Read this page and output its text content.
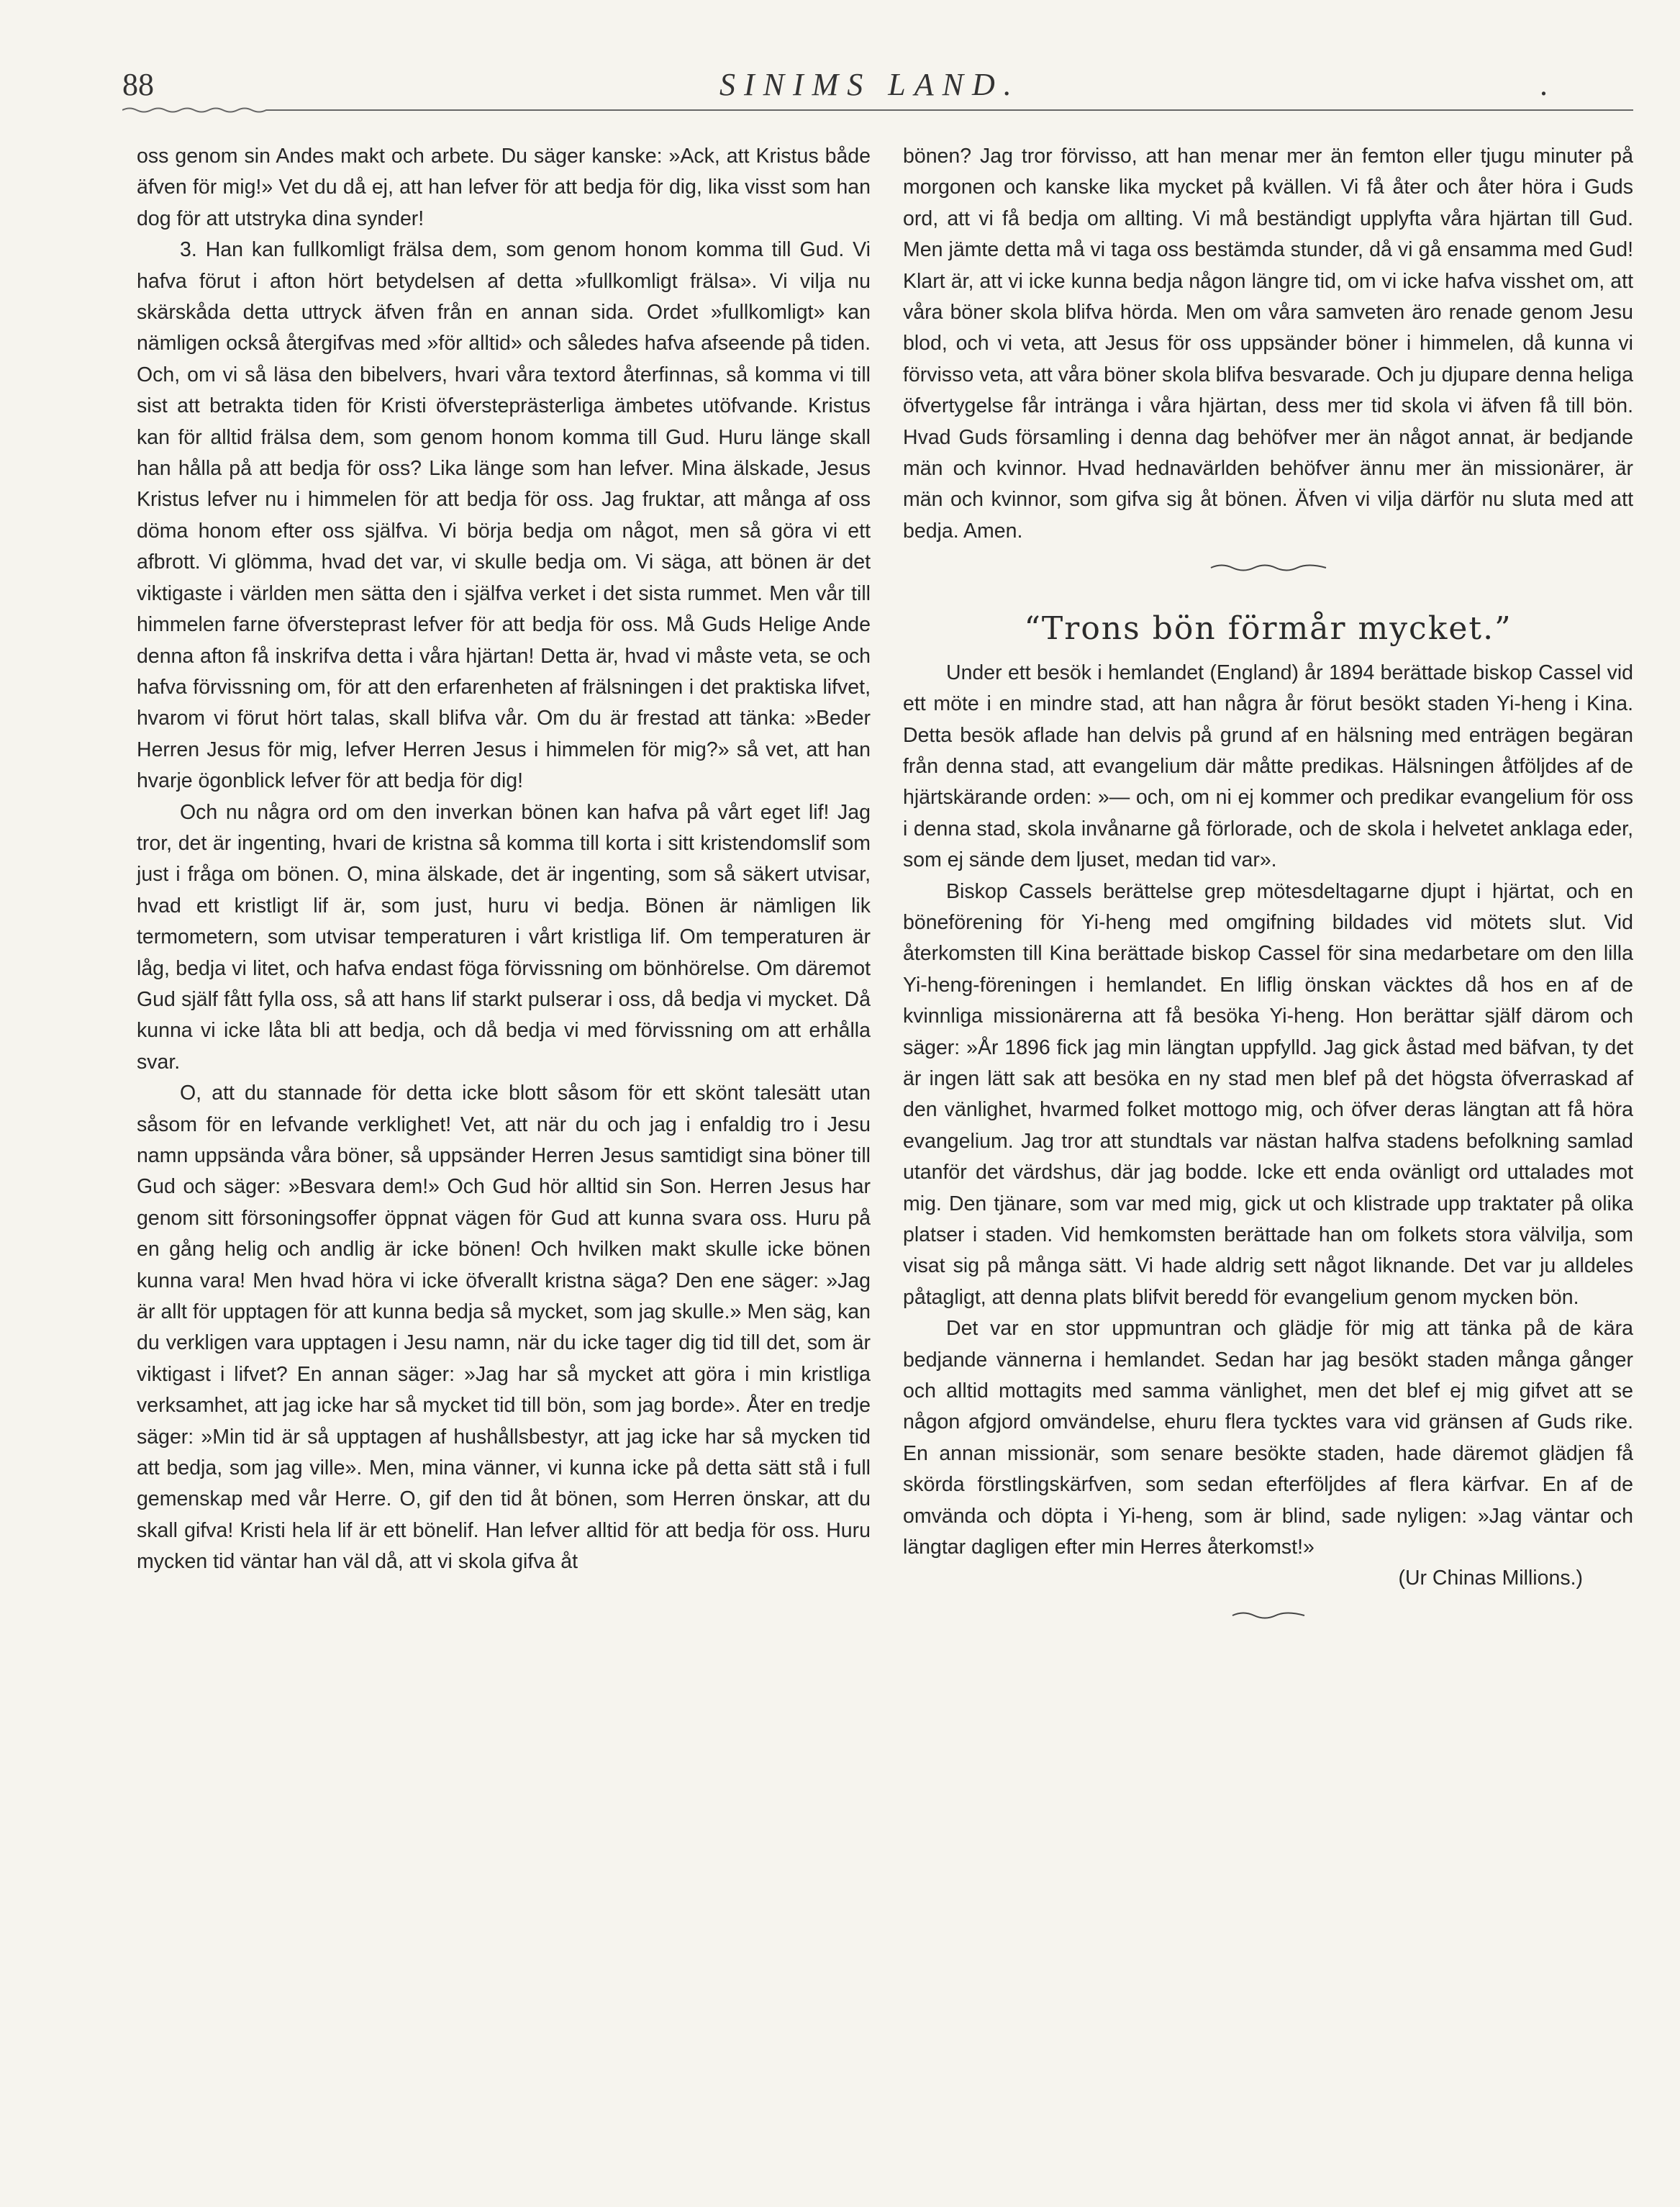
88	SINIMS LAND.	.

oss genom sin Andes makt och arbete. Du säger kanske: »Ack, att Kristus både äfven för mig!» Vet du då ej, att han lefver för att bedja för dig, lika visst som han dog för att utstryka dina synder!

3. Han kan fullkomligt frälsa dem, som genom honom komma till Gud. Vi hafva förut i afton hört betydelsen af detta »fullkomligt frälsa». Vi vilja nu skärskåda detta uttryck äfven från en annan sida. Ordet »fullkomligt» kan nämligen också återgifvas med »för alltid» och således hafva afseende på tiden. Och, om vi så läsa den bibelvers, hvari våra textord återfinnas, så komma vi till sist att betrakta tiden för Kristi öfversteprästerliga ämbetes utöfvande. Kristus kan för alltid frälsa dem, som genom honom komma till Gud. Huru länge skall han hålla på att bedja för oss? Lika länge som han lefver. Mina älskade, Jesus Kristus lefver nu i himmelen för att bedja för oss. Jag fruktar, att många af oss döma honom efter oss själfva. Vi börja bedja om något, men så göra vi ett afbrott. Vi glömma, hvad det var, vi skulle bedja om. Vi säga, att bönen är det viktigaste i världen men sätta den i själfva verket i det sista rummet. Men vår till himmelen farne öfversteprast lefver för att bedja för oss. Må Guds Helige Ande denna afton få inskrifva detta i våra hjärtan! Detta är, hvad vi måste veta, se och hafva förvissning om, för att den erfarenheten af frälsningen i det praktiska lifvet, hvarom vi förut hört talas, skall blifva vår. Om du är frestad att tänka: »Beder Herren Jesus för mig, lefver Herren Jesus i himmelen för mig?» så vet, att han hvarje ögonblick lefver för att bedja för dig!

Och nu några ord om den inverkan bönen kan hafva på vårt eget lif! Jag tror, det är ingenting, hvari de kristna så komma till korta i sitt kristendomslif som just i fråga om bönen. O, mina älskade, det är ingenting, som så säkert utvisar, hvad ett kristligt lif är, som just, huru vi bedja. Bönen är nämligen lik termometern, som utvisar temperaturen i vårt kristliga lif. Om temperaturen är låg, bedja vi litet, och hafva endast föga förvissning om bönhörelse. Om däremot Gud själf fått fylla oss, så att hans lif starkt pulserar i oss, då bedja vi mycket. Då kunna vi icke låta bli att bedja, och då bedja vi med förvissning om att erhålla svar.

O, att du stannade för detta icke blott såsom för ett skönt talesätt utan såsom för en lefvande verklighet! Vet, att när du och jag i enfaldig tro i Jesu namn uppsända våra böner, så uppsänder Herren Jesus samtidigt sina böner till Gud och säger: »Besvara dem!» Och Gud hör alltid sin Son. Herren Jesus har genom sitt försoningsoffer öppnat vägen för Gud att kunna svara oss. Huru på en gång helig och andlig är icke bönen! Och hvilken makt skulle icke bönen kunna vara! Men hvad höra vi icke öfverallt kristna säga? Den ene säger: »Jag är allt för upptagen för att kunna bedja så mycket, som jag skulle.» Men säg, kan du verkligen vara upptagen i Jesu namn, när du icke tager dig tid till det, som är viktigast i lifvet? En annan säger: »Jag har så mycket att göra i min kristliga verksamhet, att jag icke har så mycket tid till bön, som jag borde». Åter en tredje säger: »Min tid är så upptagen af hushållsbestyr, att jag icke har så mycken tid att bedja, som jag ville». Men, mina vänner, vi kunna icke på detta sätt stå i full gemenskap med vår Herre. O, gif den tid åt bönen, som Herren önskar, att du skall gifva! Kristi hela lif är ett bönelif. Han lefver alltid för att bedja för oss. Huru mycken tid väntar han väl då, att vi skola gifva åt

bönen? Jag tror förvisso, att han menar mer än femton eller tjugu minuter på morgonen och kanske lika mycket på kvällen. Vi få åter och åter höra i Guds ord, att vi få bedja om allting. Vi må beständigt upplyfta våra hjärtan till Gud. Men jämte detta må vi taga oss bestämda stunder, då vi gå ensamma med Gud! Klart är, att vi icke kunna bedja någon längre tid, om vi icke hafva visshet om, att våra böner skola blifva hörda. Men om våra samveten äro renade genom Jesu blod, och vi veta, att Jesus för oss uppsänder böner i himmelen, då kunna vi förvisso veta, att våra böner skola blifva besvarade. Och ju djupare denna heliga öfvertygelse får intränga i våra hjärtan, dess mer tid skola vi äfven få till bön. Hvad Guds församling i denna dag behöfver mer än något annat, är bedjande män och kvinnor. Hvad hednavärlden behöfver ännu mer än missionärer, är män och kvinnor, som gifva sig åt bönen. Äfven vi vilja därför nu sluta med att bedja. Amen.

“Trons bön förmår mycket.”

Under ett besök i hemlandet (England) år 1894 berättade biskop Cassel vid ett möte i en mindre stad, att han några år förut besökt staden Yi-heng i Kina. Detta besök aflade han delvis på grund af en hälsning med enträgen begäran från denna stad, att evangelium där måtte predikas. Hälsningen åtföljdes af de hjärtskärande orden: »— och, om ni ej kommer och predikar evangelium för oss i denna stad, skola invånarne gå förlorade, och de skola i helvetet anklaga eder, som ej sände dem ljuset, medan tid var».

Biskop Cassels berättelse grep mötesdeltagarne djupt i hjärtat, och en böneförening för Yi-heng med omgifning bildades vid mötets slut. Vid återkomsten till Kina berättade biskop Cassel för sina medarbetare om den lilla Yi-heng-föreningen i hemlandet. En liflig önskan väcktes då hos en af de kvinnliga missionärerna att få besöka Yi-heng. Hon berättar själf därom och säger: »År 1896 fick jag min längtan uppfylld. Jag gick åstad med bäfvan, ty det är ingen lätt sak att besöka en ny stad men blef på det högsta öfverraskad af den vänlighet, hvarmed folket mottogo mig, och öfver deras längtan att få höra evangelium. Jag tror att stundtals var nästan halfva stadens befolkning samlad utanför det värdshus, där jag bodde. Icke ett enda ovänligt ord uttalades mot mig. Den tjänare, som var med mig, gick ut och klistrade upp traktater på olika platser i staden. Vid hemkomsten berättade han om folkets stora välvilja, som visat sig på många sätt. Vi hade aldrig sett något liknande. Det var ju alldeles påtagligt, att denna plats blifvit beredd för evangelium genom mycken bön.

Det var en stor uppmuntran och glädje för mig att tänka på de kära bedjande vännerna i hemlandet. Sedan har jag besökt staden många gånger och alltid mottagits med samma vänlighet, men det blef ej mig gifvet att se någon afgjord omvändelse, ehuru flera tycktes vara vid gränsen af Guds rike. En annan missionär, som senare besökte staden, hade däremot glädjen få skörda förstlingskärfven, som sedan efterföljdes af flera kärfvar. En af de omvända och döpta i Yi-heng, som är blind, sade nyligen: »Jag väntar och längtar dagligen efter min Herres återkomst!»

(Ur Chinas Millions.)
